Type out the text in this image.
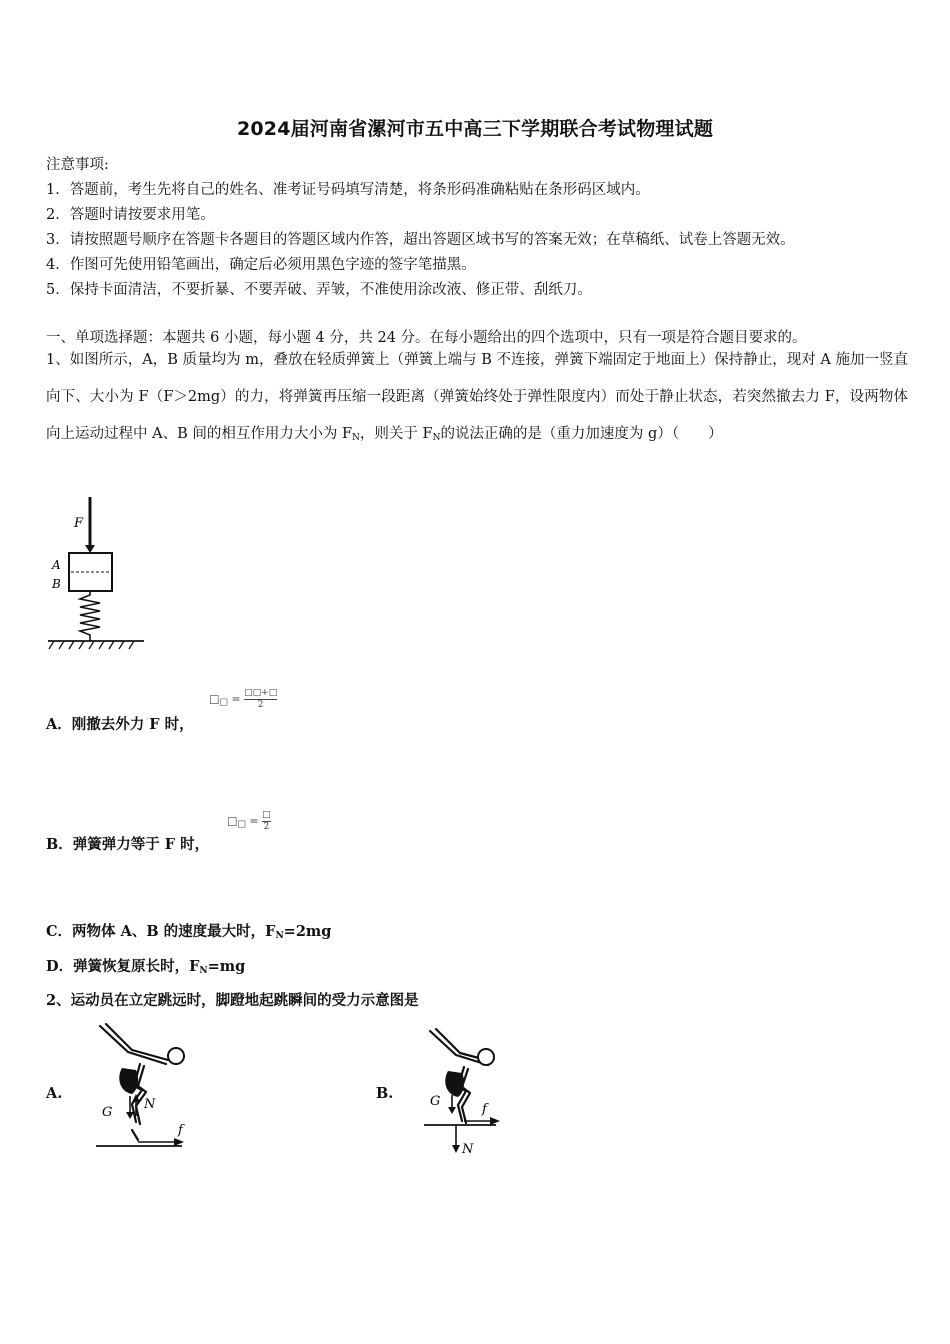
2024届河南省漯河市五中高三下学期联合考试物理试题
注意事项:
1．答题前，考生先将自己的姓名、准考证号码填写清楚，将条形码准确粘贴在条形码区域内。
2．答题时请按要求用笔。
3．请按照题号顺序在答题卡各题目的答题区域内作答，超出答题区域书写的答案无效；在草稿纸、试卷上答题无效。
4．作图可先使用铅笔画出，确定后必须用黑色字迹的签字笔描黑。
5．保持卡面清洁，不要折暴、不要弄破、弄皱，不准使用涂改液、修正带、刮纸刀。
一、单项选择题：本题共 6 小题，每小题 4 分，共 24 分。在每小题给出的四个选项中，只有一项是符合题目要求的。
1、如图所示，A，B 质量均为 m，叠放在轻质弹簧上（弹簧上端与 B 不连接，弹簧下端固定于地面上）保持静止，现对 A 施加一竖直向下、大小为 F（F＞2mg）的力，将弹簧再压缩一段距离（弹簧始终处于弹性限度内）而处于静止状态，若突然撤去力 F，设两物体向上运动过程中 A、B 间的相互作用力大小为 $F_N$，则关于 $F_N$的说法正确的是（重力加速度为 g）（　　）
F
A
B
A．刚撤去外力 F 时，
$□_□$ = □□+□
2
B．弹簧弹力等于 F 时，
$□_□$ = □
2
C．两物体 A、B 的速度最大时，$F_N=2mg$
D．弹簧恢复原长时，$F_N=mg$
2、运动员在立定跳远时，脚蹬地起跳瞬间的受力示意图是
A.	B.
G
N
f
G
f
N
